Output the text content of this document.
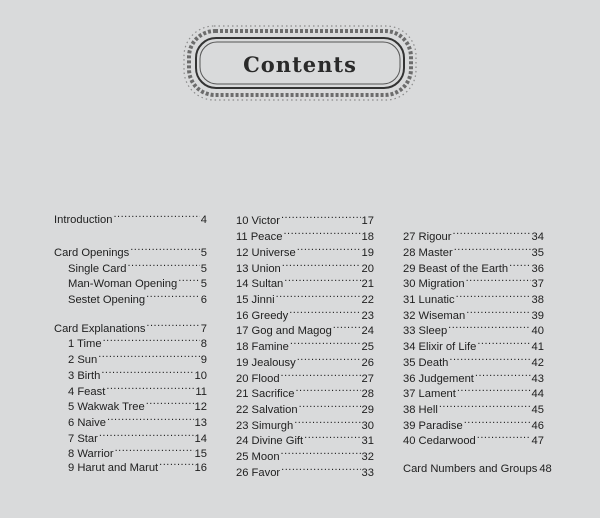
Contents
Introduction .....	4
Card Openings .....	5
Single Card .....	5
Man-Woman Opening ..... 5
Sestet Opening .....	6
Card Explanations .....	7
1 Time .....	8
2 Sun .....	9
3 Birth .....	10
4 Feast .....	11
5 Wakwak Tree .....	12
6 Naive .....	13
7 Star .....	14
8 Warrior .....	15
9 Harut and Marut .....	16
10 Victor .....	17
11 Peace .....	18
12 Universe .....	19
13 Union .....	20
14 Sultan .....	21
15 Jinni .....	22
16 Greedy .....	23
17 Gog and Magog .....	24
18 Famine .....	25
19 Jealousy .....	26
20 Flood .....	27
21 Sacrifice .....	28
22 Salvation .....	29
23 Simurgh .....	30
24 Divine Gift .....	31
25 Moon .....	32
26 Favor .....	33
27 Rigour .....	34
28 Master .....	35
29 Beast of the Earth ..... 36
30 Migration .....	37
31 Lunatic .....	38
32 Wiseman .....	39
33 Sleep .....	40
34 Elixir of Life .....	41
35 Death .....	42
36 Judgement .....	43
37 Lament .....	44
38 Hell .....	45
39 Paradise .....	46
40 Cedarwood .....	47
Card Numbers and Groups 48
